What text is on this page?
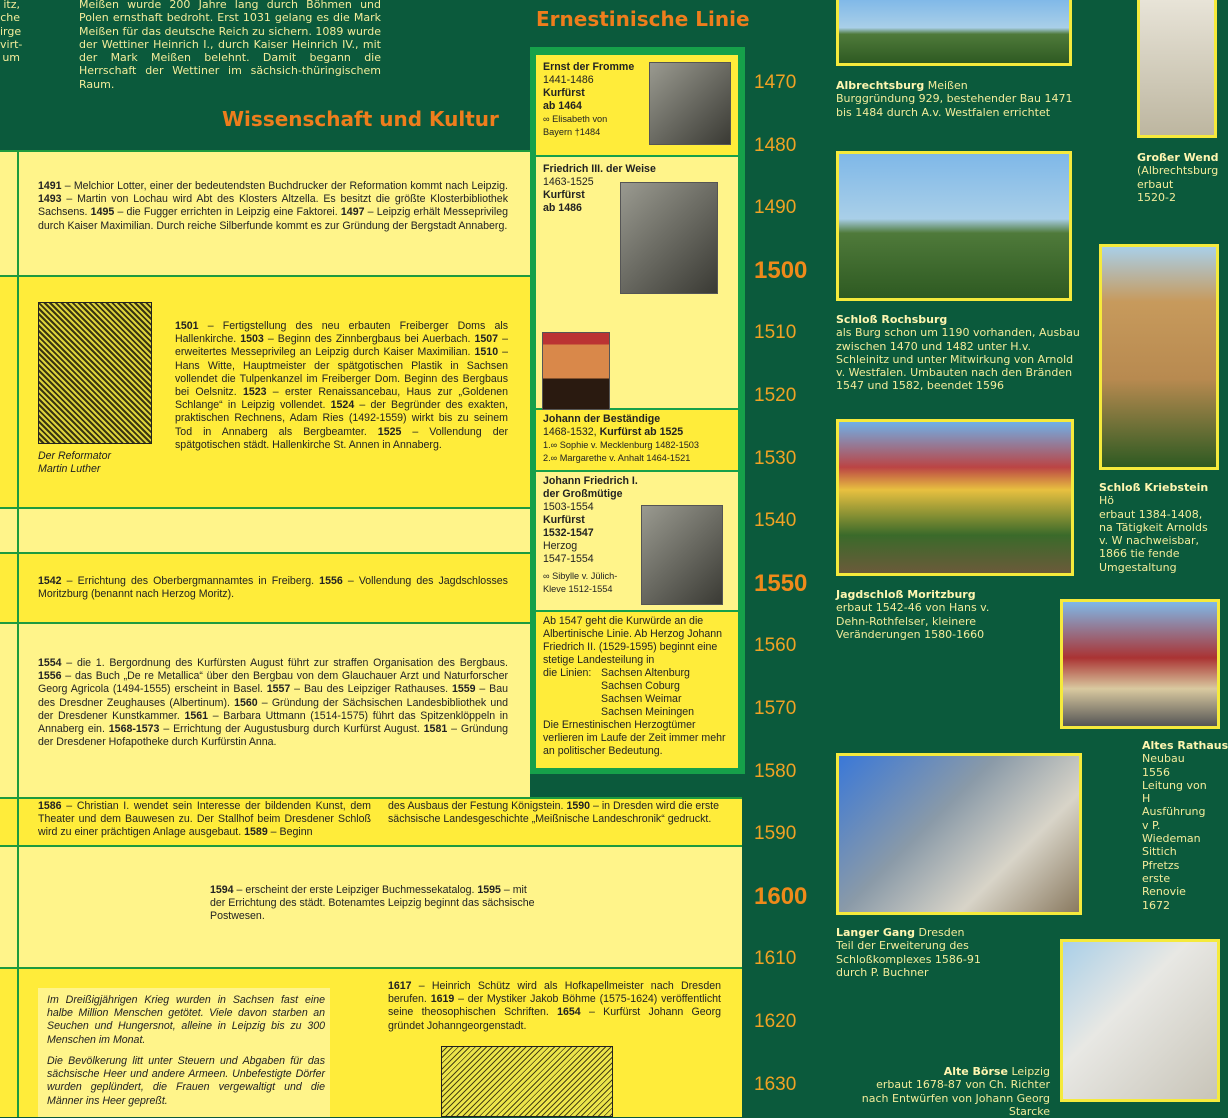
itz,
che
irge
virt-
um
Meißen wurde 200 Jahre lang durch Böhmen und Polen ernsthaft bedroht. Erst 1031 gelang es die Mark Meißen für das deutsche Reich zu sichern. 1089 wurde der Wettiner Heinrich I., durch Kaiser Heinrich IV., mit der Mark Meißen belehnt. Damit begann die Herrschaft der Wettiner im sächsich-thüringischem Raum.
Wissenschaft und Kultur
Ernestinische Linie
1491 – Melchior Lotter, einer der bedeutendsten Buchdrucker der Reformation kommt nach Leipzig. 1493 – Martin von Lochau wird Abt des Klosters Altzella. Es besitzt die größte Klosterbibliothek Sachsens. 1495 – die Fugger errichten in Leipzig eine Faktorei. 1497 – Leipzig erhält Messeprivileg durch Kaiser Maximilian. Durch reiche Silberfunde kommt es zur Gründung der Bergstadt Annaberg.
Der Reformator
Martin Luther
1501 – Fertigstellung des neu erbauten Freiberger Doms als Hallenkirche. 1503 – Beginn des Zinnbergbaus bei Auerbach. 1507 – erweitertes Messeprivileg an Leipzig durch Kaiser Maximilian. 1510 – Hans Witte, Hauptmeister der spätgotischen Plastik in Sachsen vollendet die Tulpenkanzel im Freiberger Dom. Beginn des Bergbaus bei Oelsnitz. 1523 – erster Renaissancebau, Haus zur „Goldenen Schlange“ in Leipzig vollendet. 1524 – der Begründer des exakten, praktischen Rechnens, Adam Ries (1492-1559) wirkt bis zu seinem Tod in Annaberg als Bergbeamter. 1525 – Vollendung der spätgotischen städt. Hallenkirche St. Annen in Annaberg.
1542 – Errichtung des Oberbergmannamtes in Freiberg. 1556 – Vollendung des Jagdschlosses Moritzburg (benannt nach Herzog Moritz).
1554 – die 1. Bergordnung des Kurfürsten August führt zur straffen Organisation des Bergbaus. 1556 – das Buch „De re Metallica“ über den Bergbau von dem Glauchauer Arzt und Naturforscher Georg Agricola (1494-1555) erscheint in Basel. 1557 – Bau des Leipziger Rathauses. 1559 – Bau des Dresdner Zeughauses (Albertinum). 1560 – Gründung der Sächsischen Landesbibliothek und der Dresdener Kunstkammer. 1561 – Barbara Uttmann (1514-1575) führt das Spitzenklöppeln in Annaberg ein. 1568-1573 – Errichtung der Augustusburg durch Kurfürst August. 1581 – Gründung der Dresdener Hofapotheke durch Kurfürstin Anna.
1586 – Christian I. wendet sein Interesse der bildenden Kunst, dem Theater und dem Bauwesen zu. Der Stallhof beim Dresdener Schloß wird zu einer prächtigen Anlage ausgebaut. 1589 – Beginn
des Ausbaus der Festung Königstein. 1590 – in Dresden wird die erste sächsische Landesgeschichte „Meißnische Landeschronik“ gedruckt.
1594 – erscheint der erste Leipziger Buchmessekatalog. 1595 – mit der Errichtung des städt. Botenamtes Leipzig beginnt das sächsische Postwesen.
Im Dreißigjährigen Krieg wurden in Sachsen fast eine halbe Million Menschen getötet. Viele davon starben an Seuchen und Hungersnot, alleine in Leipzig bis zu 300 Menschen im Monat.
Die Bevölkerung litt unter Steuern und Abgaben für das sächsische Heer und andere Armeen. Unbefestigte Dörfer wurden geplündert, die Frauen vergewaltigt und die Männer ins Heer gepreßt.
1617 – Heinrich Schütz wird als Hofkapellmeister nach Dresden berufen. 1619 – der Mystiker Jakob Böhme (1575-1624) veröffentlicht seine theosophischen Schriften. 1654 – Kurfürst Johann Georg gründet Johanngeorgenstadt.
Ernst der Fromme
1441-1486
Kurfürst
ab 1464
∞ Elisabeth von
Bayern †1484
Friedrich III. der Weise
1463-1525
Kurfürst
ab 1486
Johann der Beständige
1468-1532, Kurfürst ab 1525
1.∞ Sophie v. Mecklenburg 1482-1503
2.∞ Margarethe v. Anhalt 1464-1521
Johann Friedrich I.
der Großmütige
1503-1554
Kurfürst
1532-1547
Herzog
1547-1554
∞ Sibylle v. Jülich-
Kleve 1512-1554
Ab 1547 geht die Kurwürde an die Albertinische Linie. Ab Herzog Johann Friedrich II. (1529-1595) beginnt eine stetige Landesteilung in
die Linien: Sachsen Altenburg
Sachsen Coburg
Sachsen Weimar
Sachsen Meiningen
Die Ernestinischen Herzogtümer verlieren im Laufe der Zeit immer mehr an politischer Bedeutung.
1470
1480
1490
1500
1510
1520
1530
1540
1550
1560
1570
1580
1590
1600
1610
1620
1630
Albrechtsburg Meißen
Burggründung 929, bestehender Bau 1471 bis 1484 durch A.v. Westfalen errichtet
Großer Wend
(Albrechtsburg erbaut 1520-2
Schloß Rochsburg
als Burg schon um 1190 vorhanden, Ausbau zwischen 1470 und 1482 unter H.v. Schleinitz und unter Mitwirkung von Arnold v. Westfalen. Umbauten nach den Bränden 1547 und 1582, beendet 1596
Schloß Kriebstein Hö
erbaut 1384-1408, na Tätigkeit Arnolds v. W nachweisbar, 1866 tie fende Umgestaltung
Jagdschloß Moritzburg
erbaut 1542-46 von Hans v. Dehn-Rothfelser, kleinere Veränderungen 1580-1660
Altes Rathaus
Neubau 1556 Leitung von H Ausführung v P. Wiedeman Sittich Pfretzs erste Renovie 1672
Langer Gang Dresden
Teil der Erweiterung des Schloßkomplexes 1586-91 durch P. Buchner
Alte Börse Leipzig
erbaut 1678-87 von Ch. Richter nach Entwürfen von Johann Georg Starcke
